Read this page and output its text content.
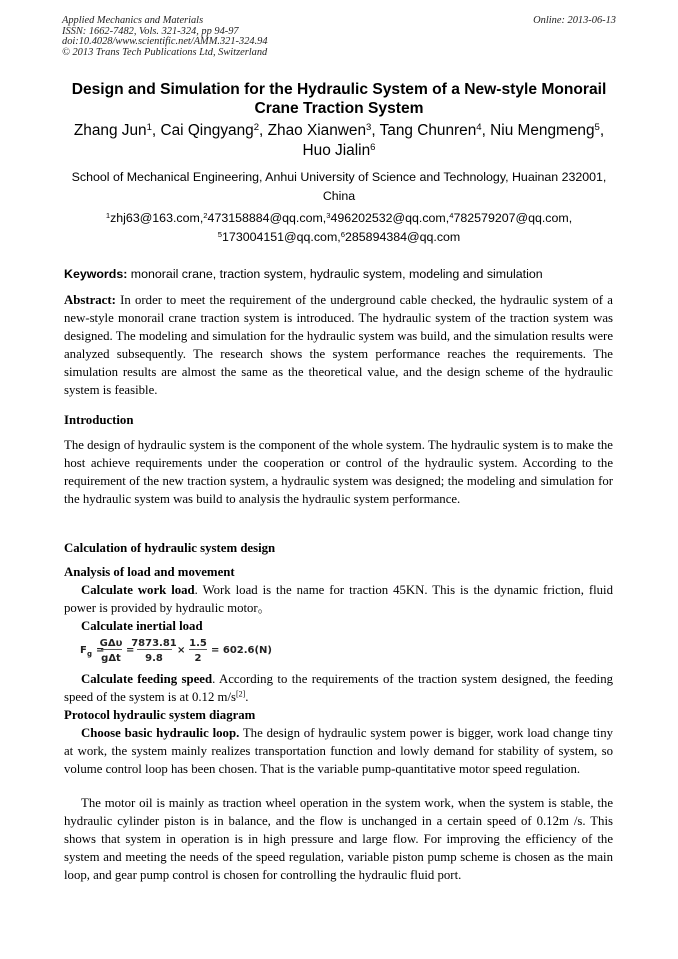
Applied Mechanics and Materials
ISSN: 1662-7482, Vols. 321-324, pp 94-97
doi:10.4028/www.scientific.net/AMM.321-324.94
© 2013 Trans Tech Publications Ltd, Switzerland
Online: 2013-06-13
Design and Simulation for the Hydraulic System of a New-style Monorail
Crane Traction System
Zhang Jun$^1$, Cai Qingyang$^2$, Zhao Xianwen$^3$, Tang Chunren$^4$, Niu Mengmeng$^5$,
Huo Jialin$^6$
School of Mechanical Engineering, Anhui University of Science and Technology, Huainan 232001,
China
$^1$zhj63@163.com,$^2$473158884@qq.com,$^3$496202532@qq.com,$^4$782579207@qq.com,
$^5$173004151@qq.com,$^6$285894384@qq.com
Keywords: monorail crane, traction system, hydraulic system, modeling and simulation

Abstract: In order to meet the requirement of the underground cable checked, the hydraulic system of a new-style monorail crane traction system is introduced. The hydraulic system of the traction system was designed. The modeling and simulation for the hydraulic system was build, and the simulation results were analyzed subsequently. The research shows the system performance reaches the requirements. The simulation results are almost the same as the theoretical value, and the design scheme of the hydraulic system is feasible.

Introduction

The design of hydraulic system is the component of the whole system. The hydraulic system is to make the host achieve requirements under the cooperation or control of the hydraulic system. According to the requirement of the new traction system, a hydraulic system was designed; the modeling and simulation for the hydraulic system was build to analysis the hydraulic system performance.

Calculation of hydraulic system design

Analysis of load and movement

Calculate work load. Work load is the name for traction 45KN. This is the dynamic friction, fluid power is provided by hydraulic motor。

Calculate inertial load

F g =
GΔυ
gΔt
=
7873.81
9.8
×
1.5
2
= 602.6(N)

Calculate feeding speed. According to the requirements of the traction system designed, the feeding speed of the system is at 0.12 m/s[2].

Protocol hydraulic system diagram

Choose basic hydraulic loop. The design of hydraulic system power is bigger, work load change tiny at work, the system mainly realizes transportation function and lowly demand for stability of system, so volume control loop has been chosen. That is the variable pump-quantitative motor speed regulation.

The motor oil is mainly as traction wheel operation in the system work, when the system is stable, the hydraulic cylinder piston is in balance, and the flow is unchanged in a certain speed of 0.12m /s. This shows that system in operation is in high pressure and large flow. For improving the efficiency of the system and meeting the needs of the speed regulation, variable piston pump scheme is chosen as the main loop, and gear pump control is chosen for controlling the hydraulic fluid port.
